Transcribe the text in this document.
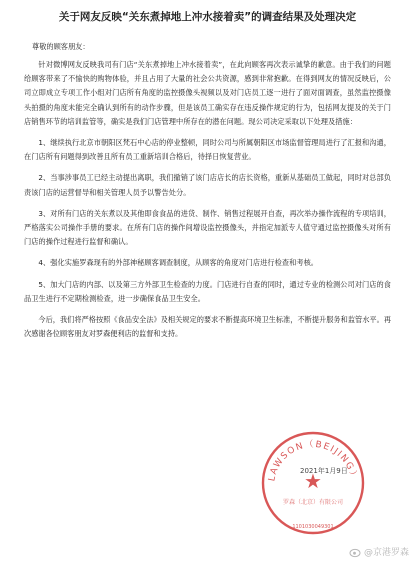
关于网友反映“关东煮掉地上冲水接着卖”的调查结果及处理决定
尊敬的顾客朋友：

针对微博网友反映我司有门店“关东煮掉地上冲水接着卖”，在此向顾客再次表示诚挚的歉意。由于我们的问题给顾客带来了不愉快的购物体验，并且占用了大量的社会公共资源，感到非常抱歉。在得到网友的情况反映后，公司立即成立专项工作小组对门店所有角度的监控摄像头视频以及对门店员工逐一进行了面对面调查，虽然监控摄像头拍摄的角度未能完全确认到所有的动作步骤，但是该员工确实存在违反操作规定的行为，包括网友提及的关于门店销售环节的培训监管等，确实是我们门店管理中所存在的潜在问题。现公司决定采取以下处理及措施：

1、继续执行北京市朝阳区梵石中心店的停业整顿，同时公司与所属朝阳区市场监督管理局进行了汇报和沟通，在门店所有问题得到改善且所有员工重新培训合格后，待择日恢复营业。

2、当事涉事员工已经主动提出离职，我们撤销了该门店店长的店长资格，重新从基础员工做起，同时对总部负责该门店的运营督导和相关管理人员予以警告处分。

3、对所有门店的关东煮以及其他即食食品的进货、制作、销售过程展开自查，再次举办操作流程的专项培训，严格落实公司操作手册的要求。在所有门店的操作间增设监控摄像头，并指定加派专人值守通过监控摄像头对所有门店的操作过程进行监督和确认。

4、强化实施罗森现有的外部神秘顾客调查制度，从顾客的角度对门店进行检查和考核。

5、加大门店的内部、以及第三方外部卫生检查的力度。门店进行自查的同时，通过专业的检测公司对门店的食品卫生进行不定期检测检查，进一步确保食品卫生安全。

今后，我们将严格按照《食品安全法》及相关规定的要求不断提高环境卫生标准，不断提升服务和监管水平。再次感谢各位顾客朋友对罗森便利店的监督和支持。

LAWSON（BEIJING）
★
罗森（北京）有限公司
1101030049301
2021年1月9日
@京港罗森
